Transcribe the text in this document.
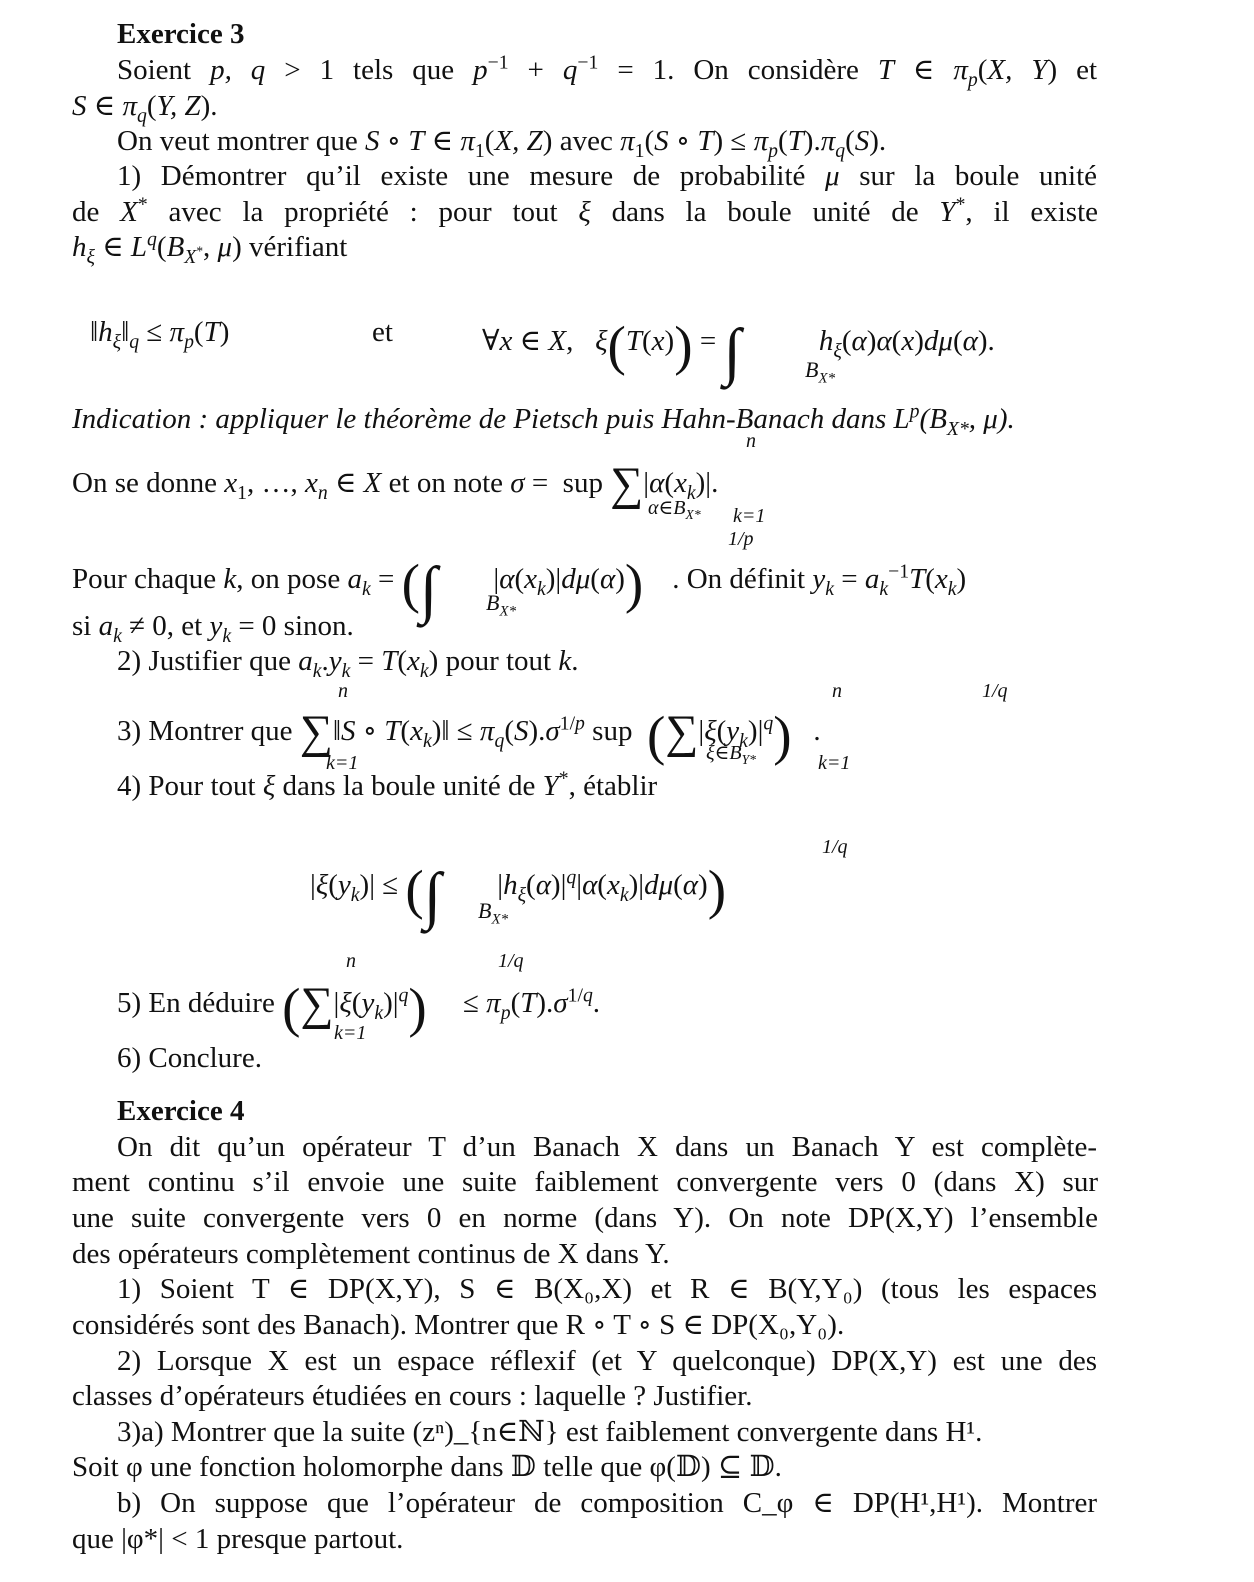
Exercice 3
Soient p, q > 1 tels que $p^{-1} + q^{-1} = 1$. On considère T ∈ $\pi_p(X$, Y) et
S ∈ $\pi_q(Y$, Z).
On veut montrer que S ∘ T ∈ $\pi_1(X$, Z) avec $\pi_1(S$ ∘ $T) \le \pi_p(T).\pi_q(S)$.
1) Démontrer qu’il existe une mesure de probabilité μ sur la boule unité
de X* avec la propriété : pour tout ξ dans la boule unité de Y*, il existe
$h_\xi$ ∈ $L^q(B_{X^*}$, μ) vérifiant
$‖h_\xi‖_q \le \pi_p(T)$	et	∀x ∈ X,   ξ(T(x)) = ∫	$h_\xi(\alpha)\alpha(x)d\mu(\alpha)$.
$B_{X*}$
Indication : appliquer le théorème de Pietsch puis Hahn-Banach dans $L^p(B_{X*}$, μ).
n
On se donne $x_1$, …, $x_n$ ∈ X et on note σ =  sup $\sum|\alpha(x_k)|$.
$\alpha\in B_{X*}$ k=1
1/p
Pour chaque k, on pose $a_k$ = (∫ $|\alpha(x_k)|d\mu(\alpha)$) . On définit $y_k = a_k^{-1}T(x_k)$
$B_{X*}$
si $a_k \ne 0$, et $y_k = 0$ sinon.
2) Justifier que $a_k.y_k = T(x_k)$ pour tout k.
n	n	1/q
3) Montrer que ∑‖S ∘ $T(x_k)‖ \le \pi_q(S).\sigma^{1/p}$ sup $(\sum|\xi(y_k)|^q)$   .
k=1	$\xi\in B_{Y*}$	k=1
4) Pour tout ξ dans la boule unité de Y*, établir
1/q
$|\xi(y_k)|$ ≤ (∫ $|h_\xi(\alpha)|^q|\alpha(x_k)|d\mu(\alpha)$)
$B_{X*}$
n	1/q
5) En déduire $(\sum|\xi(y_k)|^q)$     ≤ $\pi_p(T).\sigma^{1/q}$.
k=1
6) Conclure.
Exercice 4
On dit qu’un opérateur T d’un Banach X dans un Banach Y est complète-
ment continu s’il envoie une suite faiblement convergente vers 0 (dans X) sur
une suite convergente vers 0 en norme (dans Y). On note DP(X,Y) l’ensemble
des opérateurs complètement continus de X dans Y.
1) Soient T ∈ DP(X,Y), S ∈ B(X₀,X) et R ∈ B(Y,Y₀) (tous les espaces
considérés sont des Banach). Montrer que R ∘ T ∘ S ∈ DP(X₀,Y₀).
2) Lorsque X est un espace réflexif (et Y quelconque) DP(X,Y) est une des
classes d’opérateurs étudiées en cours : laquelle ? Justifier.
3)a) Montrer que la suite (zⁿ)_{n∈ℕ} est faiblement convergente dans H¹.
Soit φ une fonction holomorphe dans 𝔻 telle que φ(𝔻) ⊆ 𝔻.
b) On suppose que l’opérateur de composition C_φ ∈ DP(H¹,H¹). Montrer
que |φ*| < 1 presque partout.
